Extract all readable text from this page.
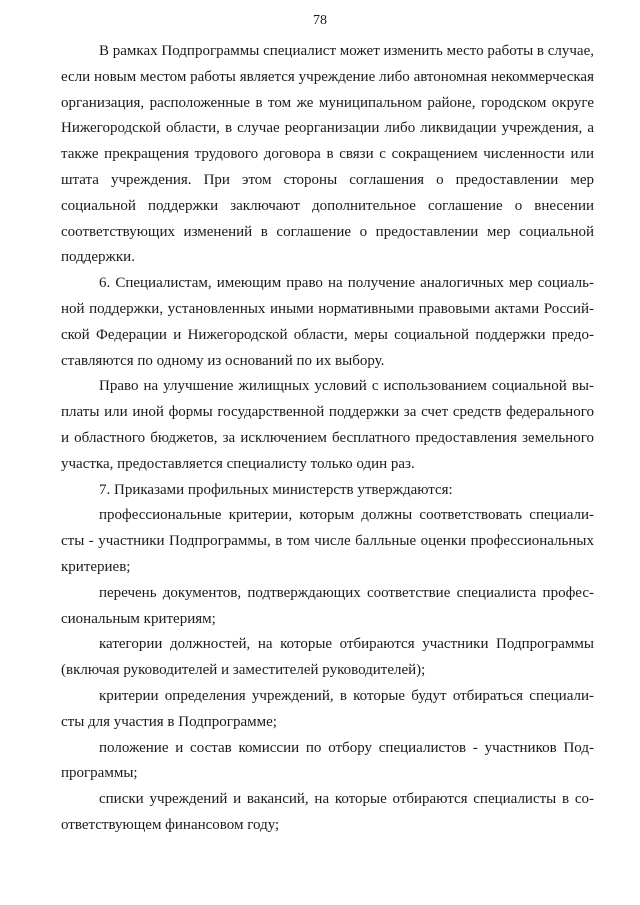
78

В рамках Подпрограммы специалист может изменить место работы в случае, если новым местом работы является учреждение либо автономная некоммерческая организация, расположенные в том же муниципальном районе, городском округе Нижегородской области, в случае реорганизации либо ликвидации учреждения, а также прекращения трудового договора в связи с сокращением численности или штата учреждения. При этом стороны соглашения о предоставлении мер социальной поддержки заключают дополнительное соглашение о внесении соответствующих изменений в соглашение о предоставлении мер социальной поддержки.

6. Специалистам, имеющим право на получение аналогичных мер социальной поддержки, установленных иными нормативными правовыми актами Российской Федерации и Нижегородской области, меры социальной поддержки предоставляются по одному из оснований по их выбору.

Право на улучшение жилищных условий с использованием социальной выплаты или иной формы государственной поддержки за счет средств федерального и областного бюджетов, за исключением бесплатного предоставления земельного участка, предоставляется специалисту только один раз.

7. Приказами профильных министерств утверждаются:

профессиональные критерии, которым должны соответствовать специалисты - участники Подпрограммы, в том числе балльные оценки профессиональных критериев;

перечень документов, подтверждающих соответствие специалиста профессиональным критериям;

категории должностей, на которые отбираются участники Подпрограммы (включая руководителей и заместителей руководителей);

критерии определения учреждений, в которые будут отбираться специалисты для участия в Подпрограмме;

положение и состав комиссии по отбору специалистов - участников Подпрограммы;

списки учреждений и вакансий, на которые отбираются специалисты в соответствующем финансовом году;
